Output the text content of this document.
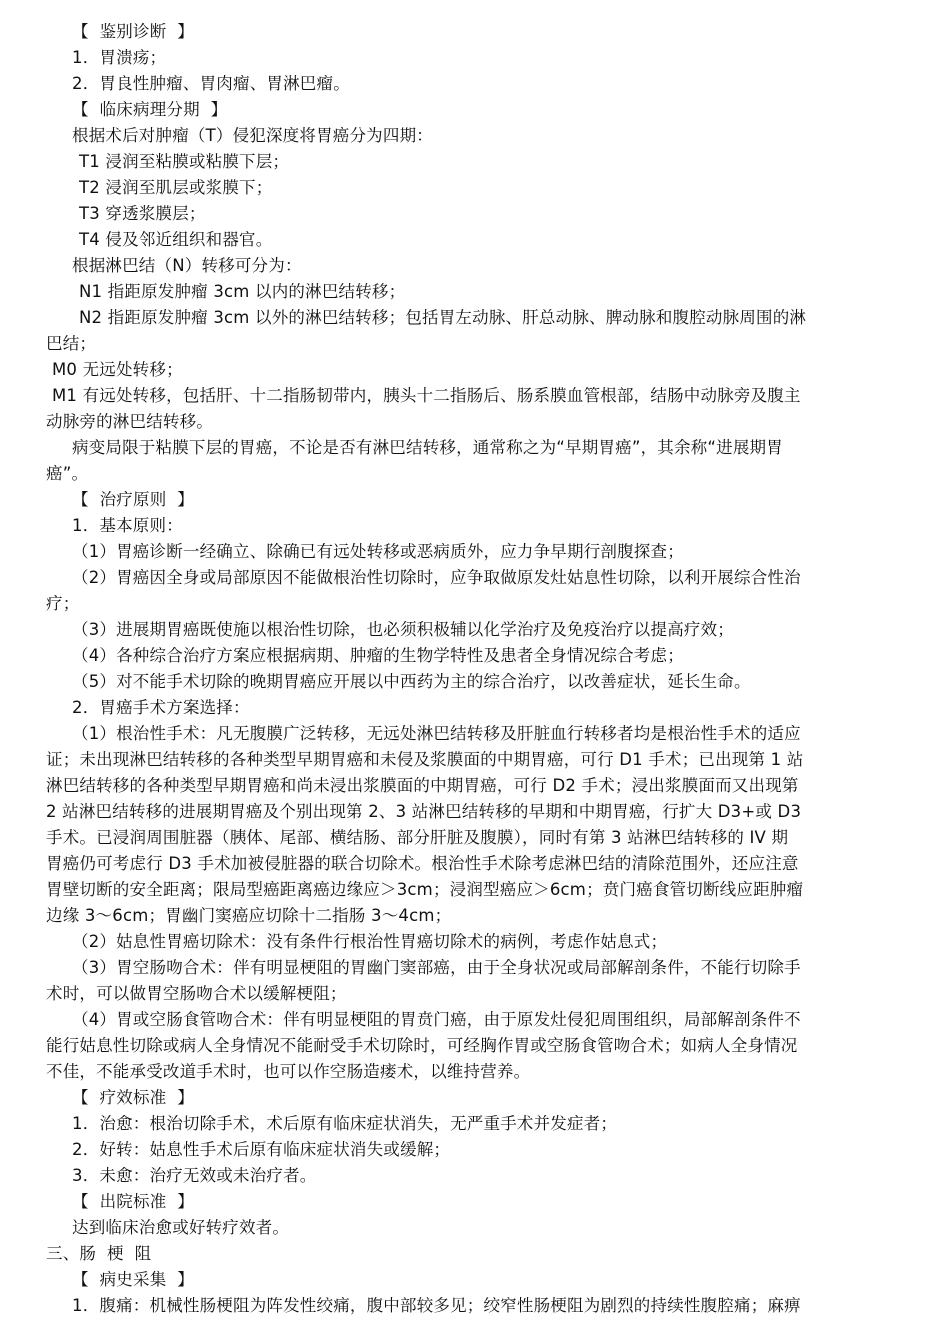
【  鉴别诊断  】
1．胃溃疡；
2．胃良性肿瘤、胃肉瘤、胃淋巴瘤。
【  临床病理分期  】
根据术后对肿瘤（T）侵犯深度将胃癌分为四期：
T1 浸润至粘膜或粘膜下层；
T2 浸润至肌层或浆膜下；
T3 穿透浆膜层；
T4 侵及邻近组织和器官。
根据淋巴结（N）转移可分为：
N1 指距原发肿瘤 3cm 以内的淋巴结转移；
N2 指距原发肿瘤 3cm 以外的淋巴结转移；包括胃左动脉、肝总动脉、脾动脉和腹腔动脉周围的淋
巴结；
M0 无远处转移；
M1 有远处转移，包括肝、十二指肠韧带内，胰头十二指肠后、肠系膜血管根部，结肠中动脉旁及腹主
动脉旁的淋巴结转移。
病变局限于粘膜下层的胃癌，不论是否有淋巴结转移，通常称之为“早期胃癌”，其余称“进展期胃
癌”。
【  治疗原则  】
1．基本原则：
（1）胃癌诊断一经确立、除确已有远处转移或恶病质外，应力争早期行剖腹探查；
（2）胃癌因全身或局部原因不能做根治性切除时，应争取做原发灶姑息性切除，以利开展综合性治
疗；
（3）进展期胃癌既使施以根治性切除，也必须积极辅以化学治疗及免疫治疗以提高疗效；
（4）各种综合治疗方案应根据病期、肿瘤的生物学特性及患者全身情况综合考虑；
（5）对不能手术切除的晚期胃癌应开展以中西药为主的综合治疗，以改善症状，延长生命。
2．胃癌手术方案选择：
（1）根治性手术：凡无腹膜广泛转移，无远处淋巴结转移及肝脏血行转移者均是根治性手术的适应
证；未出现淋巴结转移的各种类型早期胃癌和未侵及浆膜面的中期胃癌，可行 D1 手术；已出现第 1 站
淋巴结转移的各种类型早期胃癌和尚未浸出浆膜面的中期胃癌，可行 D2 手术；浸出浆膜面而又出现第
2 站淋巴结转移的进展期胃癌及个别出现第 2、3 站淋巴结转移的早期和中期胃癌，行扩大 D3+或 D3
手术。已浸润周围脏器（胰体、尾部、横结肠、部分肝脏及腹膜），同时有第 3 站淋巴结转移的 IV 期
胃癌仍可考虑行 D3 手术加被侵脏器的联合切除术。根治性手术除考虑淋巴结的清除范围外，还应注意
胃壁切断的安全距离；限局型癌距离癌边缘应＞3cm；浸润型癌应＞6cm；贲门癌食管切断线应距肿瘤
边缘 3～6cm；胃幽门窦癌应切除十二指肠 3～4cm；
（2）姑息性胃癌切除术：没有条件行根治性胃癌切除术的病例，考虑作姑息式；
（3）胃空肠吻合术：伴有明显梗阻的胃幽门窦部癌，由于全身状况或局部解剖条件，不能行切除手
术时，可以做胃空肠吻合术以缓解梗阻；
（4）胃或空肠食管吻合术：伴有明显梗阻的胃贲门癌，由于原发灶侵犯周围组织，局部解剖条件不
能行姑息性切除或病人全身情况不能耐受手术切除时，可经胸作胃或空肠食管吻合术；如病人全身情况
不佳，不能承受改道手术时，也可以作空肠造瘘术，以维持营养。
【  疗效标准  】
1．治愈：根治切除手术，术后原有临床症状消失，无严重手术并发症者；
2．好转：姑息性手术后原有临床症状消失或缓解；
3．未愈：治疗无效或未治疗者。
【  出院标准  】
达到临床治愈或好转疗效者。
三、肠  梗  阻
【  病史采集  】
1．腹痛：机械性肠梗阻为阵发性绞痛，腹中部较多见；绞窄性肠梗阻为剧烈的持续性腹腔痛；麻痹
